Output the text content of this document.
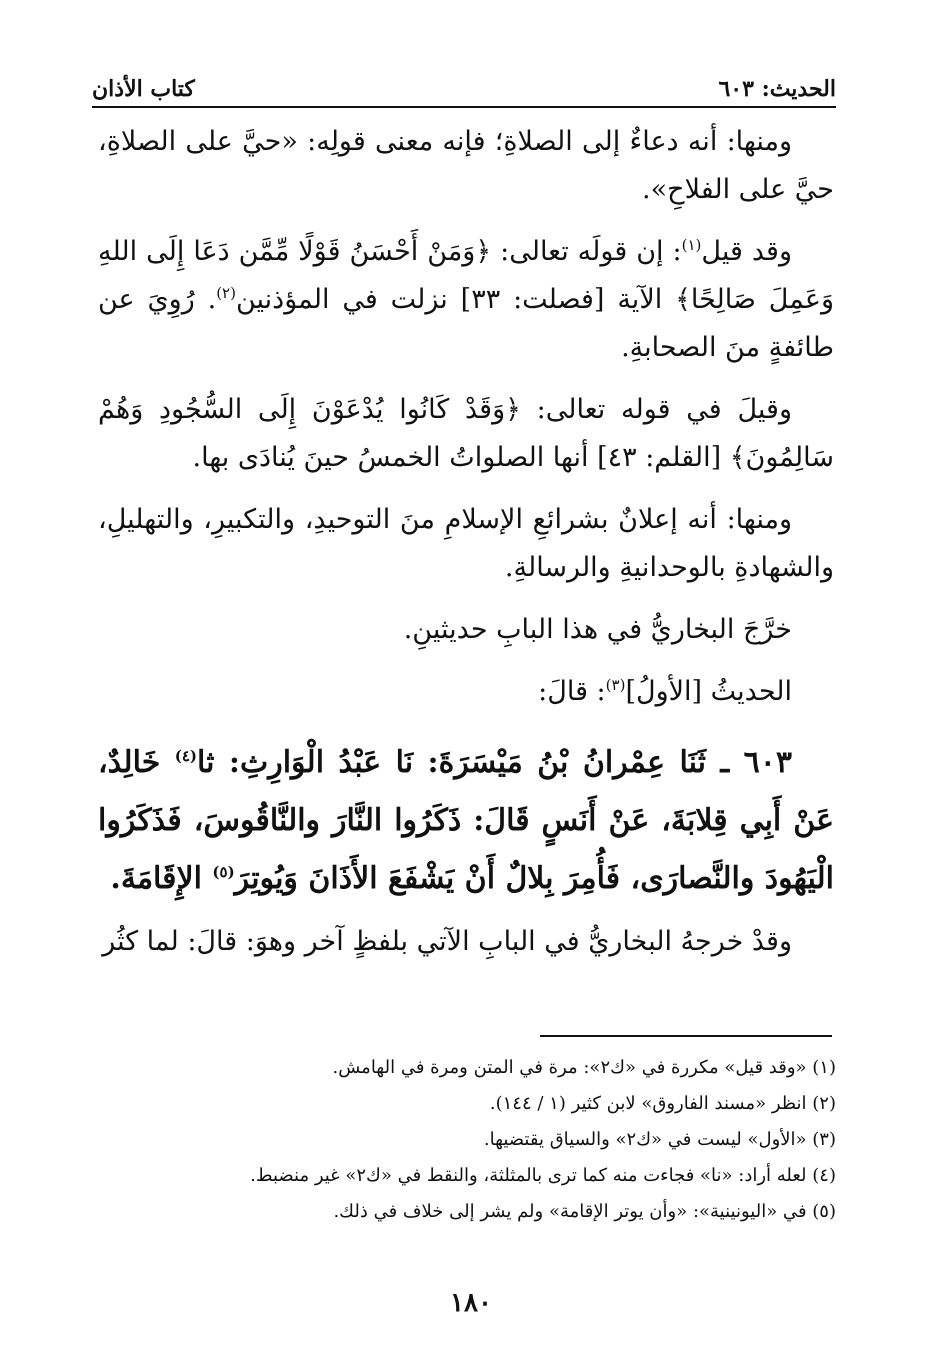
الحديث: ٦٠٣
كتاب الأذان

ومنها: أنه دعاءٌ إلى الصلاةِ؛ فإنه معنى قولِه: «حيَّ على الصلاةِ، حيَّ على الفلاحِ».

وقد قيل$^{(١)}$: إن قولَه تعالى: ﴿وَمَنْ أَحْسَنُ قَوْلًا مِّمَّن دَعَا إِلَى اللهِ وَعَمِلَ صَالِحًا﴾ الآية [فصلت: ٣٣] نزلت في المؤذنين$^{(٢)}$. رُوِيَ عن طائفةٍ منَ الصحابةِ.

وقيلَ في قوله تعالى: ﴿وَقَدْ كَانُوا يُدْعَوْنَ إِلَى السُّجُودِ وَهُمْ سَالِمُونَ﴾ [القلم: ٤٣] أنها الصلواتُ الخمسُ حينَ يُنادَى بها.

ومنها: أنه إعلانٌ بشرائعِ الإسلامِ منَ التوحيدِ، والتكبيرِ، والتهليلِ، والشهادةِ بالوحدانيةِ والرسالةِ.

خرَّجَ البخاريُّ في هذا البابِ حديثينِ.

الحديثُ [الأولُ]$^{(٣)}$: قالَ:

٦٠٣ ـ ثَنَا عِمْرانُ بْنُ مَيْسَرَةَ: نَا عَبْدُ الْوَارِثِ: ثا$^{(٤)}$ خَالِدٌ، عَنْ أَبِي قِلابَةَ، عَنْ أَنَسٍ قَالَ: ذَكَرُوا النَّارَ والنَّاقُوسَ، فَذَكَرُوا الْيَهُودَ والنَّصارَى، فَأُمِرَ بِلالٌ أَنْ يَشْفَعَ الأَذَانَ وَيُوتِرَ$^{(٥)}$ الإِقَامَةَ.

وقدْ خرجهُ البخاريُّ في البابِ الآتي بلفظٍ آخر وهوَ: قالَ: لما كثُر

(١) «وقد قيل» مكررة في «ك٢»: مرة في المتن ومرة في الهامش.

(٢) انظر «مسند الفاروق» لابن كثير (١ / ١٤٤).

(٣) «الأول» ليست في «ك٢» والسياق يقتضيها.

(٤) لعله أراد: «نا» فجاءت منه كما ترى بالمثلثة، والنقط في «ك٢» غير منضبط.

(٥) في «اليونينية»: «وأن يوتر الإقامة» ولم يشر إلى خلاف في ذلك.

١٨٠
